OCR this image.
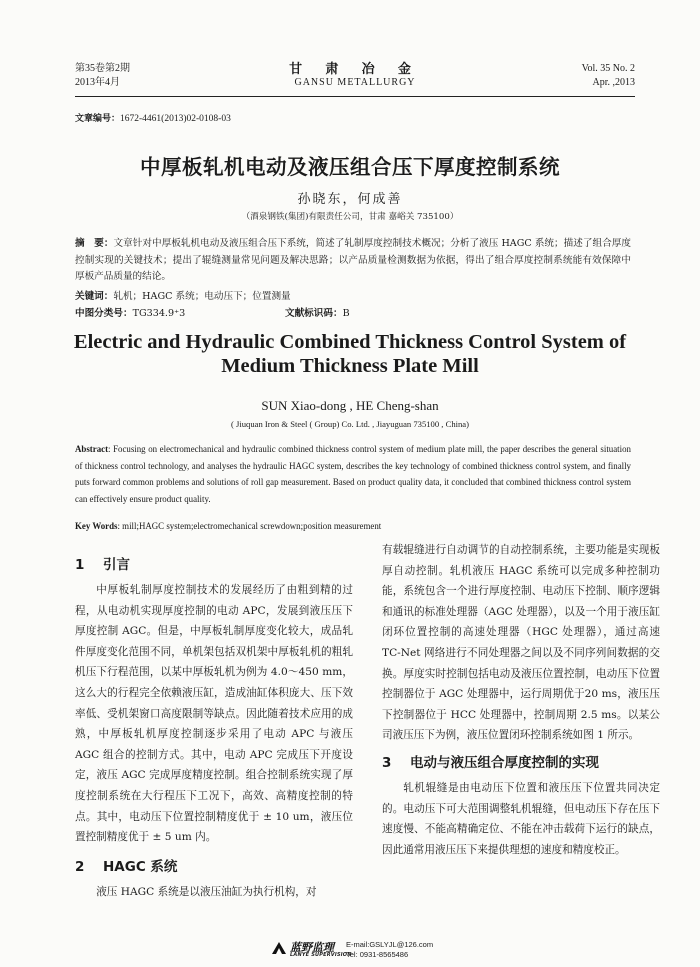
第35卷第2期
2013年4月
甘 肃 冶 金
GANSU METALLURGY
Vol. 35 No. 2
Apr. ,2013
文章编号：1672-4461(2013)02-0108-03
中厚板轧机电动及液压组合压下厚度控制系统
孙晓东，何成善
（酒泉钢铁(集团)有限责任公司，甘肃 嘉峪关 735100）
摘　要：文章针对中厚板轧机电动及液压组合压下系统，简述了轧制厚度控制技术概况；分析了液压 HAGC 系统；描述了组合厚度控制实现的关键技术；提出了辊缝测量常见问题及解决思路；以产品质量检测数据为依据，得出了组合厚度控制系统能有效保障中厚板产品质量的结论。
关键词：轧机；HAGC 系统；电动压下；位置测量
中图分类号：TG334.9⁺3	文献标识码：B
Electric and Hydraulic Combined Thickness Control System of
Medium Thickness Plate Mill
SUN Xiao-dong , HE Cheng-shan
( Jiuquan Iron & Steel ( Group) Co. Ltd. , Jiayuguan 735100 , China)
Abstract: Focusing on electromechanical and hydraulic combined thickness control system of medium plate mill, the paper describes the general situation of thickness control technology, and analyses the hydraulic HAGC system, describes the key technology of combined thickness control system, and finally puts forward common problems and solutions of roll gap measurement. Based on product quality data, it concluded that combined thickness control system can effectively ensure product quality.
Key Words: mill;HAGC system;electromechanical screwdown;position measurement
1 引言

中厚板轧制厚度控制技术的发展经历了由粗到精的过程，从电动机实现厚度控制的电动 APC，发展到液压压下厚度控制 AGC。但是，中厚板轧制厚度变化较大，成品轧件厚度变化范围不同，单机架包括双机架中厚板轧机的粗轧机压下行程范围，以某中厚板轧机为例为 4.0～450 mm，这么大的行程完全依赖液压缸，造成油缸体积庞大、压下效率低、受机架窗口高度限制等缺点。因此随着技术应用的成熟，中厚板轧机厚度控制逐步采用了电动 APC 与液压 AGC 组合的控制方式。其中，电动 APC 完成压下开度设定，液压 AGC 完成厚度精度控制。组合控制系统实现了厚度控制系统在大行程压下工况下，高效、高精度控制的特点。其中，电动压下位置控制精度优于 ± 10 um，液压位置控制精度优于 ± 5 um 内。

2 HAGC 系统

液压 HAGC 系统是以液压油缸为执行机构，对

有载辊缝进行自动调节的自动控制系统，主要功能是实现板厚自动控制。轧机液压 HAGC 系统可以完成多种控制功能，系统包含一个进行厚度控制、电动压下控制、顺序逻辑和通讯的标准处理器（AGC 处理器），以及一个用于液压缸闭环位置控制的高速处理器（HGC 处理器），通过高速 TC-Net 网络进行不同处理器之间以及不同序列间数据的交换。厚度实时控制包括电动及液压位置控制，电动压下位置控制器位于 AGC 处理器中，运行周期优于20 ms，液压压下控制器位于 HCC 处理器中，控制周期 2.5 ms。以某公司液压压下为例，液压位置闭环控制系统如图 1 所示。

3 电动与液压组合厚度控制的实现

轧机辊缝是由电动压下位置和液压压下位置共同决定的。电动压下可大范围调整轧机辊缝，但电动压下存在压下速度慢、不能高精确定位、不能在冲击载荷下运行的缺点，因此通常用液压压下来提供理想的速度和精度校正。

蓝野监理
LANYE SUPERVISION
E-mail:GSLYJL@126.com
Tel: 0931-8565486
